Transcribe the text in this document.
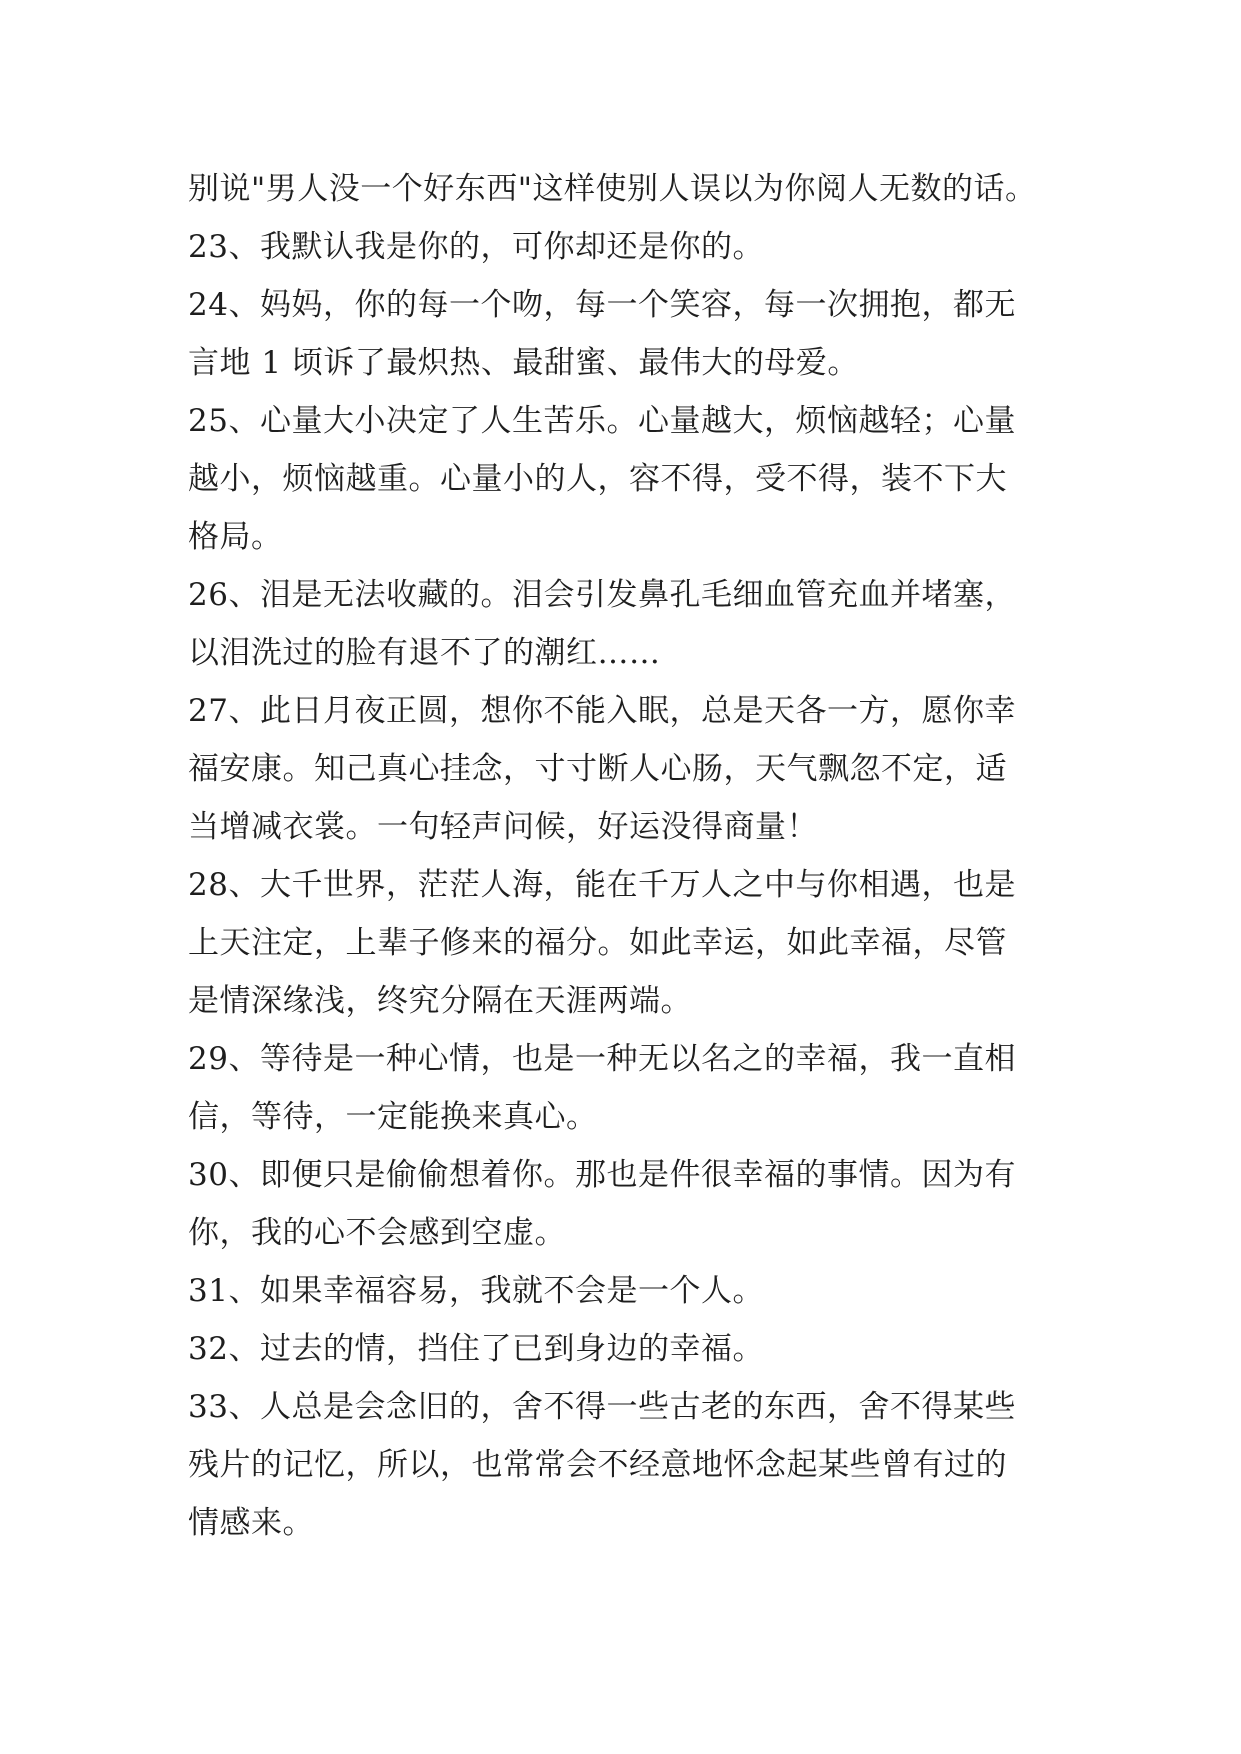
别说"男人没一个好东西"这样使别人误以为你阅人无数的话。
23、我默认我是你的，可你却还是你的。
24、妈妈，你的每一个吻，每一个笑容，每一次拥抱，都无
言地 1 顷诉了最炽热、最甜蜜、最伟大的母爱。
25、心量大小决定了人生苦乐。心量越大，烦恼越轻；心量
越小，烦恼越重。心量小的人，容不得，受不得，装不下大
格局。
26、泪是无法收藏的。泪会引发鼻孔毛细血管充血并堵塞，
以泪洗过的脸有退不了的潮红……
27、此日月夜正圆，想你不能入眠，总是天各一方，愿你幸
福安康。知己真心挂念，寸寸断人心肠，天气飘忽不定，适
当增减衣裳。一句轻声问候，好运没得商量！
28、大千世界，茫茫人海，能在千万人之中与你相遇，也是
上天注定，上辈子修来的福分。如此幸运，如此幸福，尽管
是情深缘浅，终究分隔在天涯两端。
29、等待是一种心情，也是一种无以名之的幸福，我一直相
信，等待，一定能换来真心。
30、即便只是偷偷想着你。那也是件很幸福的事情。因为有
你，我的心不会感到空虚。
31、如果幸福容易，我就不会是一个人。
32、过去的情，挡住了已到身边的幸福。
33、人总是会念旧的，舍不得一些古老的东西，舍不得某些
残片的记忆，所以，也常常会不经意地怀念起某些曾有过的
情感来。
